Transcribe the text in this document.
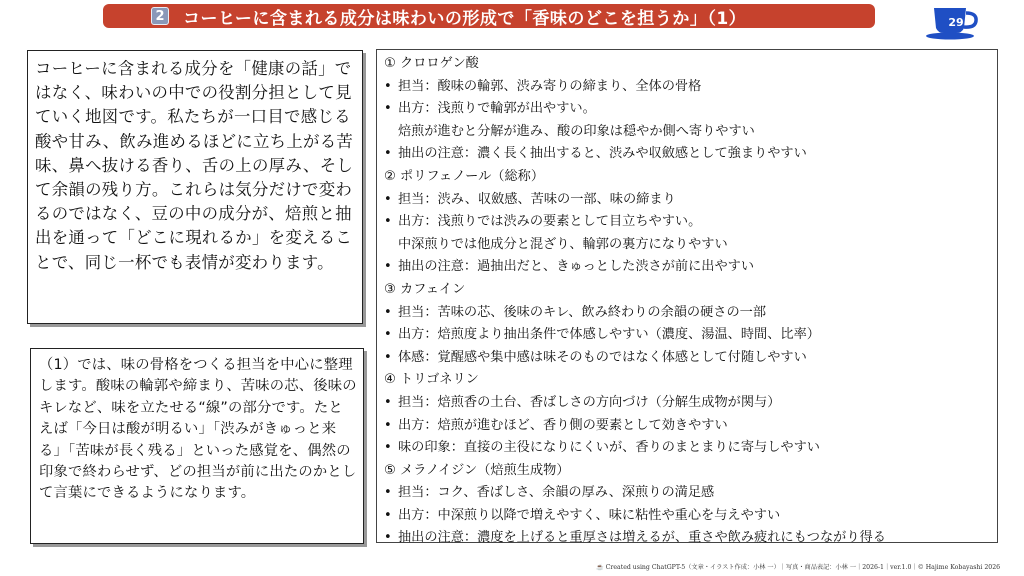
2 コーヒーに含まれる成分は味わいの形成で「香味のどこを担うか」（1）	29
コーヒーに含まれる成分を「健康の話」ではなく、味わいの中での役割分担として見ていく地図です。私たちが一口目で感じる酸や甘み、飲み進めるほどに立ち上がる苦味、鼻へ抜ける香り、舌の上の厚み、そして余韻の残り方。これらは気分だけで変わるのではなく、豆の中の成分が、焙煎と抽出を通って「どこに現れるか」を変えることで、同じ一杯でも表情が変わります。
（1）では、味の骨格をつくる担当を中心に整理します。酸味の輪郭や締まり、苦味の芯、後味のキレなど、味を立たせる“線”の部分です。たとえば「今日は酸が明るい」「渋みがきゅっと来る」「苦味が長く残る」といった感覚を、偶然の印象で終わらせず、どの担当が前に出たのかとして言葉にできるようになります。
① クロロゲン酸
• 担当：酸味の輪郭、渋み寄りの締まり、全体の骨格
• 出方：浅煎りで輪郭が出やすい。
焙煎が進むと分解が進み、酸の印象は穏やか側へ寄りやすい
• 抽出の注意：濃く長く抽出すると、渋みや収斂感として強まりやすい
② ポリフェノール（総称）
• 担当：渋み、収斂感、苦味の一部、味の締まり
• 出方：浅煎りでは渋みの要素として目立ちやすい。
中深煎りでは他成分と混ざり、輪郭の裏方になりやすい
• 抽出の注意：過抽出だと、きゅっとした渋さが前に出やすい
③ カフェイン
• 担当：苦味の芯、後味のキレ、飲み終わりの余韻の硬さの一部
• 出方：焙煎度より抽出条件で体感しやすい（濃度、湯温、時間、比率）
• 体感：覚醒感や集中感は味そのものではなく体感として付随しやすい
④ トリゴネリン
• 担当：焙煎香の土台、香ばしさの方向づけ（分解生成物が関与）
• 出方：焙煎が進むほど、香り側の要素として効きやすい
• 味の印象：直接の主役になりにくいが、香りのまとまりに寄与しやすい
⑤ メラノイジン（焙煎生成物）
• 担当：コク、香ばしさ、余韻の厚み、深煎りの満足感
• 出方：中深煎り以降で増えやすく、味に粘性や重心を与えやすい
• 抽出の注意：濃度を上げると重厚さは増えるが、重さや飲み疲れにもつながり得る
☕ Created using ChatGPT-5（文章・イラスト作成：小林 一）｜写真・商品表記：小林 一｜2026-1｜ver.1.0｜© Hajime Kobayashi 2026
